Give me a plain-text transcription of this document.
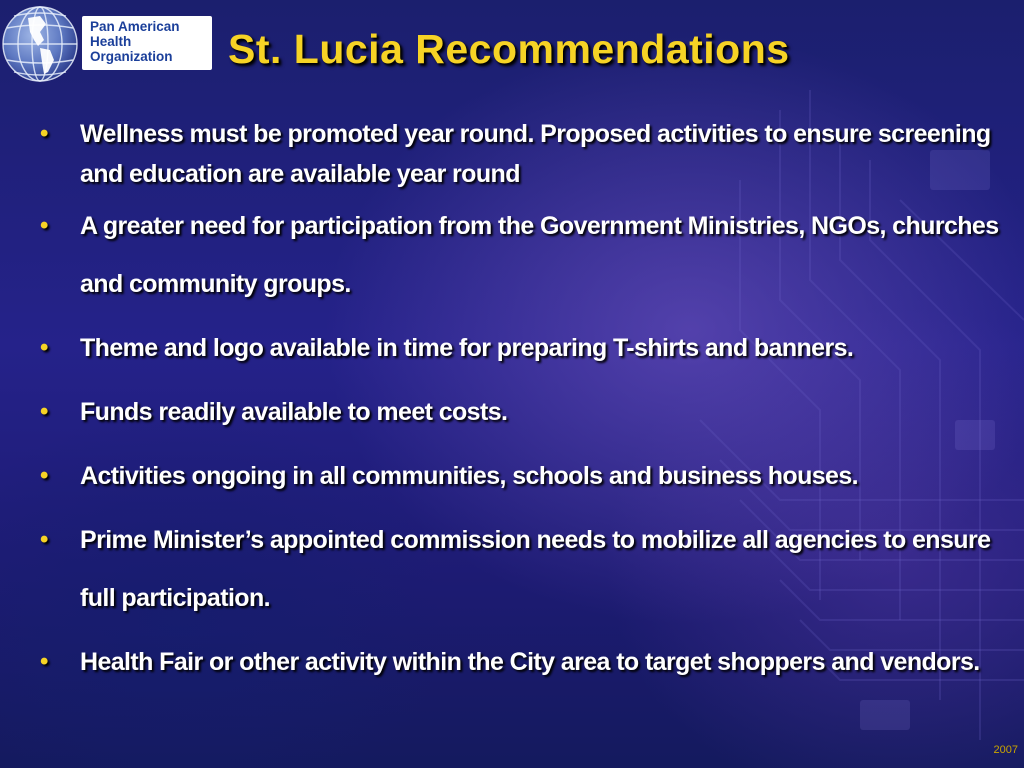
Pan American
Health
Organization	St. Lucia Recommendations
• Wellness must be promoted year round. Proposed activities to ensure screening and education are available year round
• A greater need for participation from the Government Ministries, NGOs, churches and community groups.
• Theme and logo available in time for preparing T-shirts and banners.
• Funds readily available to meet costs.
• Activities ongoing in all communities, schools and business houses.
• Prime Minister’s appointed commission needs to mobilize all agencies to ensure full participation.
• Health Fair or other activity within the City area to target shoppers and vendors.
2007
